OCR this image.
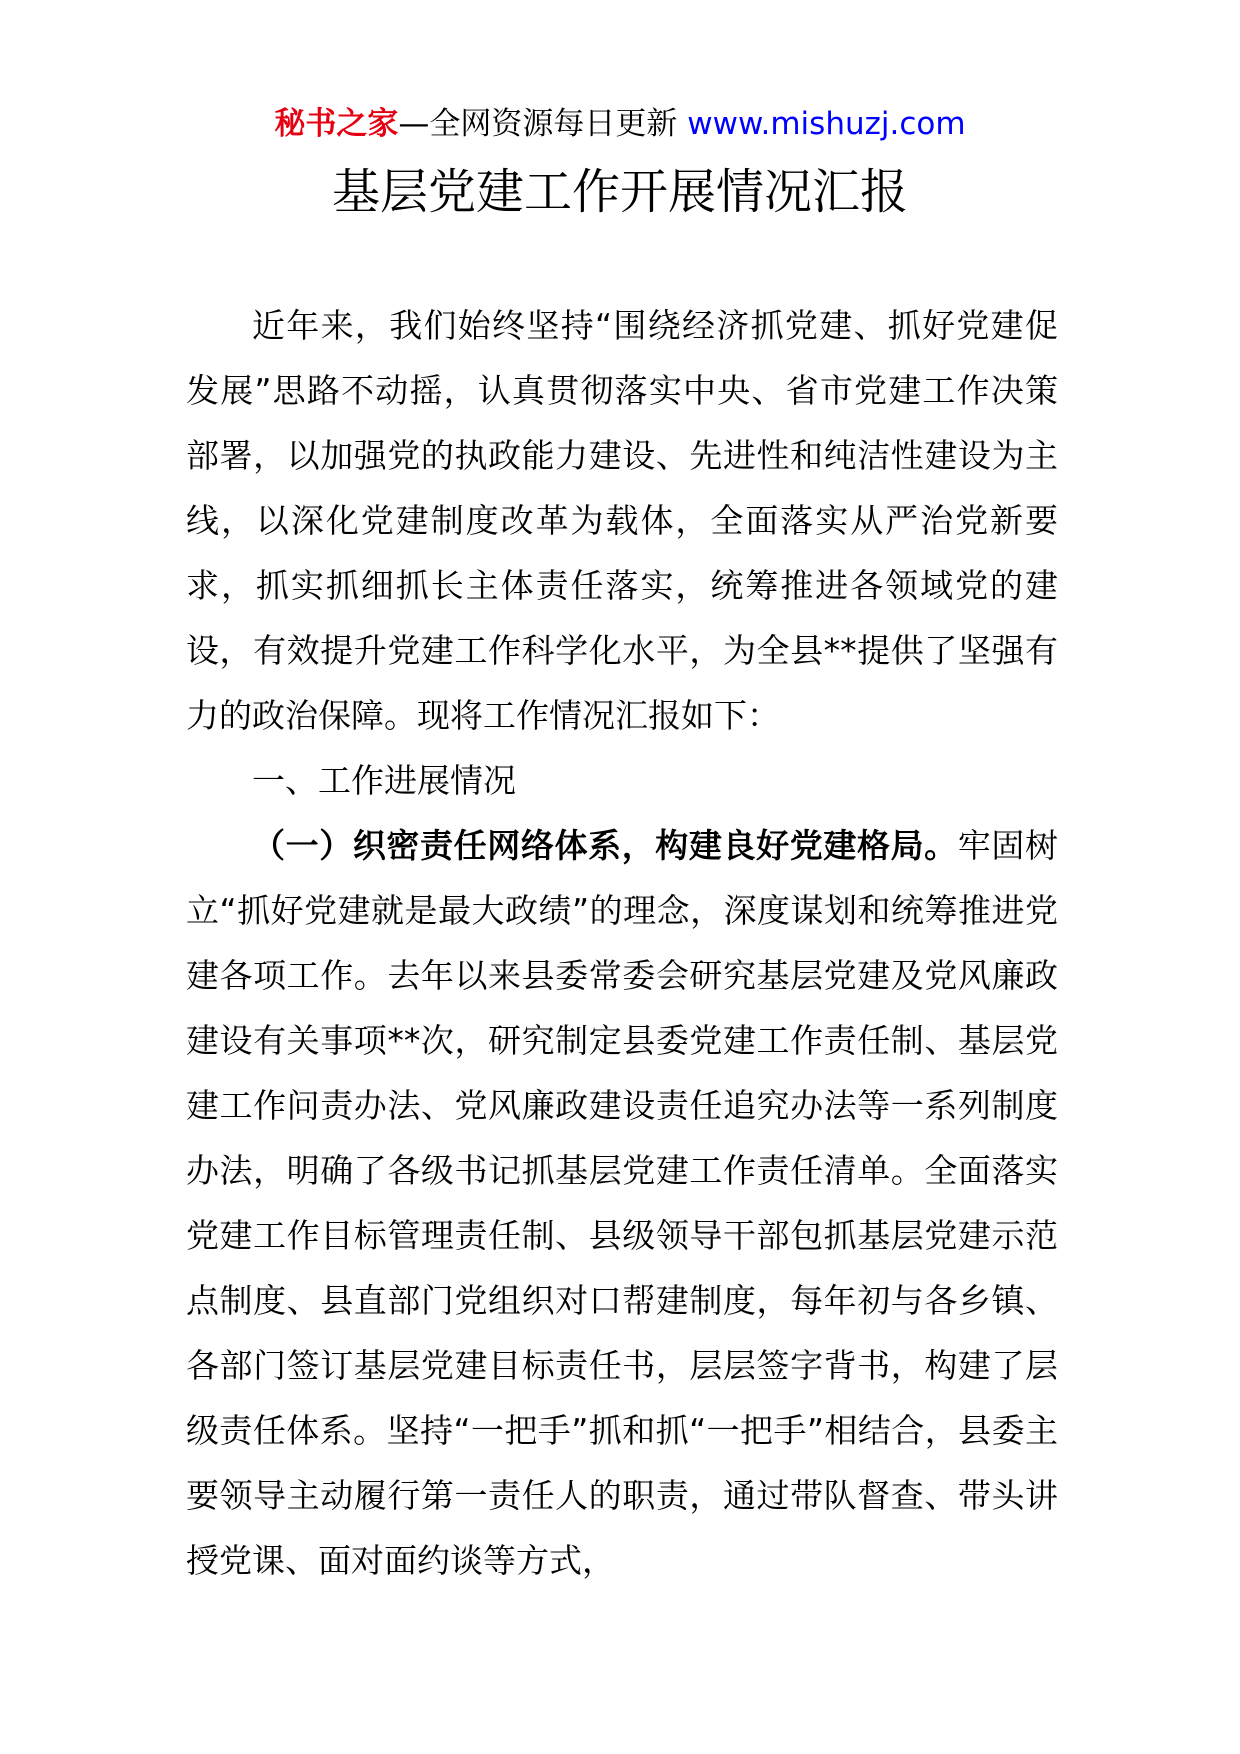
秘书之家—全网资源每日更新 www.mishuzj.com
基层党建工作开展情况汇报

近年来，我们始终坚持“围绕经济抓党建、抓好党建促发展”思路不动摇，认真贯彻落实中央、省市党建工作决策部署，以加强党的执政能力建设、先进性和纯洁性建设为主线，以深化党建制度改革为载体，全面落实从严治党新要求，抓实抓细抓长主体责任落实，统筹推进各领域党的建设，有效提升党建工作科学化水平，为全县**提供了坚强有力的政治保障。现将工作情况汇报如下：

一、工作进展情况

（一）织密责任网络体系，构建良好党建格局。牢固树立“抓好党建就是最大政绩”的理念，深度谋划和统筹推进党建各项工作。去年以来县委常委会研究基层党建及党风廉政建设有关事项**次，研究制定县委党建工作责任制、基层党建工作问责办法、党风廉政建设责任追究办法等一系列制度办法，明确了各级书记抓基层党建工作责任清单。全面落实党建工作目标管理责任制、县级领导干部包抓基层党建示范点制度、县直部门党组织对口帮建制度，每年初与各乡镇、各部门签订基层党建目标责任书，层层签字背书，构建了层级责任体系。坚持“一把手”抓和抓“一把手”相结合，县委主要领导主动履行第一责任人的职责，通过带队督查、带头讲授党课、面对面约谈等方式，
